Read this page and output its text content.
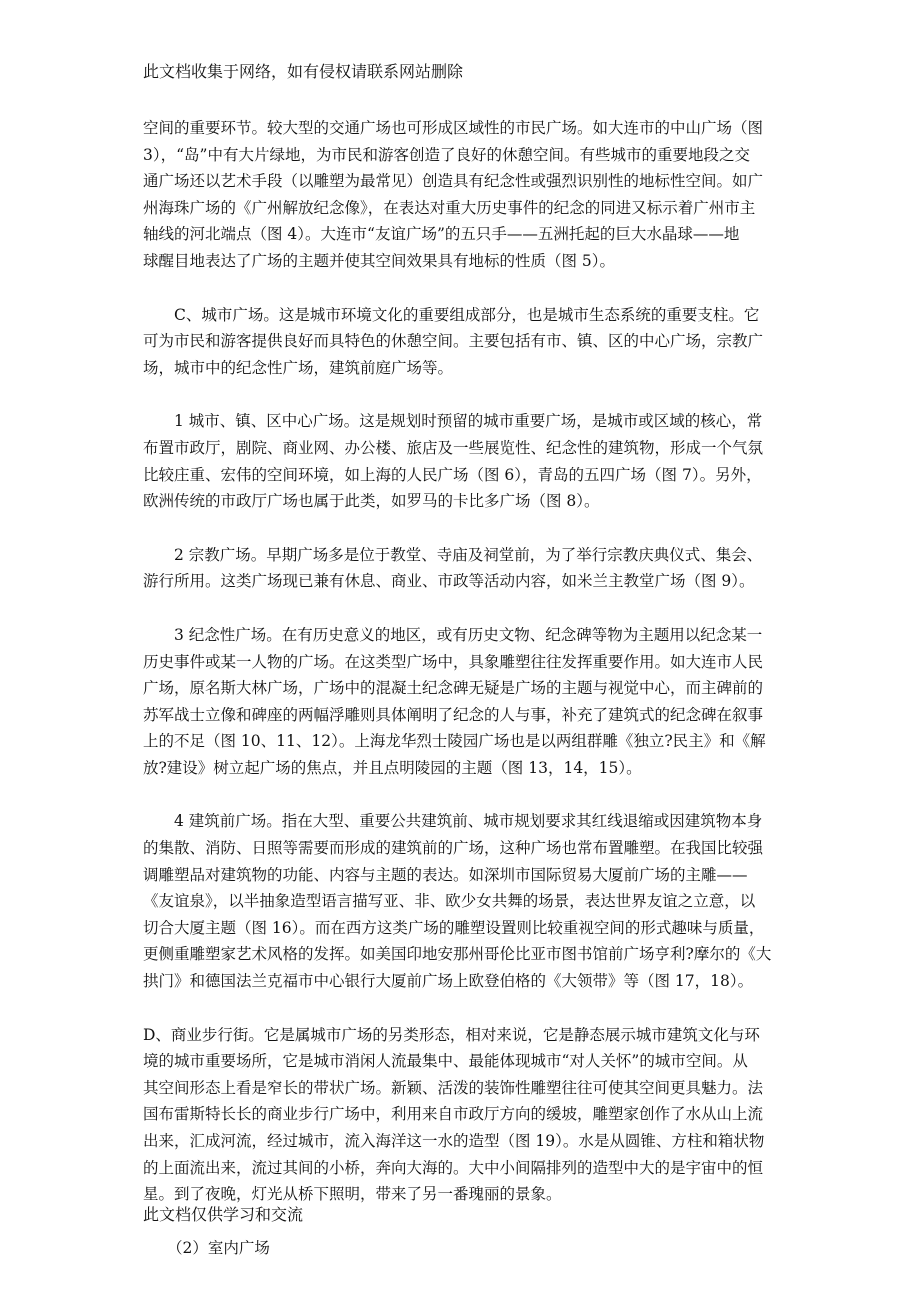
此文档收集于网络，如有侵权请联系网站删除
空间的重要环节。较大型的交通广场也可形成区域性的市民广场。如大连市的中山广场（图
3），“岛”中有大片绿地，为市民和游客创造了良好的休憩空间。有些城市的重要地段之交
通广场还以艺术手段（以雕塑为最常见）创造具有纪念性或强烈识别性的地标性空间。如广
州海珠广场的《广州解放纪念像》，在表达对重大历史事件的纪念的同进又标示着广州市主
轴线的河北端点（图 4）。大连市“友谊广场”的五只手——五洲托起的巨大水晶球——地
球醒目地表达了广场的主题并使其空间效果具有地标的性质（图 5）。
C、城市广场。这是城市环境文化的重要组成部分，也是城市生态系统的重要支柱。它
可为市民和游客提供良好而具特色的休憩空间。主要包括有市、镇、区的中心广场，宗教广
场，城市中的纪念性广场，建筑前庭广场等。
1 城市、镇、区中心广场。这是规划时预留的城市重要广场，是城市或区域的核心，常
布置市政厅，剧院、商业网、办公楼、旅店及一些展览性、纪念性的建筑物，形成一个气氛
比较庄重、宏伟的空间环境，如上海的人民广场（图 6），青岛的五四广场（图 7）。另外，
欧洲传统的市政厅广场也属于此类，如罗马的卡比多广场（图 8）。
2 宗教广场。早期广场多是位于教堂、寺庙及祠堂前，为了举行宗教庆典仪式、集会、
游行所用。这类广场现已兼有休息、商业、市政等活动内容，如米兰主教堂广场（图 9）。
3 纪念性广场。在有历史意义的地区，或有历史文物、纪念碑等物为主题用以纪念某一
历史事件或某一人物的广场。在这类型广场中，具象雕塑往往发挥重要作用。如大连市人民
广场，原名斯大林广场，广场中的混凝土纪念碑无疑是广场的主题与视觉中心，而主碑前的
苏军战士立像和碑座的两幅浮雕则具体阐明了纪念的人与事，补充了建筑式的纪念碑在叙事
上的不足（图 10、11、12）。上海龙华烈士陵园广场也是以两组群雕《独立?民主》和《解
放?建设》树立起广场的焦点，并且点明陵园的主题（图 13，14，15）。
4 建筑前广场。指在大型、重要公共建筑前、城市规划要求其红线退缩或因建筑物本身
的集散、消防、日照等需要而形成的建筑前的广场，这种广场也常布置雕塑。在我国比较强
调雕塑品对建筑物的功能、内容与主题的表达。如深圳市国际贸易大厦前广场的主雕——
《友谊泉》，以半抽象造型语言描写亚、非、欧少女共舞的场景，表达世界友谊之立意，以
切合大厦主题（图 16）。而在西方这类广场的雕塑设置则比较重视空间的形式趣味与质量，
更侧重雕塑家艺术风格的发挥。如美国印地安那州哥伦比亚市图书馆前广场亨利?摩尔的《大
拱门》和德国法兰克福市中心银行大厦前广场上欧登伯格的《大领带》等（图 17，18）。
D、商业步行街。它是属城市广场的另类形态，相对来说，它是静态展示城市建筑文化与环
境的城市重要场所，它是城市消闲人流最集中、最能体现城市“对人关怀”的城市空间。从
其空间形态上看是窄长的带状广场。新颖、活泼的装饰性雕塑往往可使其空间更具魅力。法
国布雷斯特长长的商业步行广场中，利用来自市政厅方向的缓坡，雕塑家创作了水从山上流
出来，汇成河流，经过城市，流入海洋这一水的造型（图 19）。水是从圆锥、方柱和箱状物
的上面流出来，流过其间的小桥，奔向大海的。大中小间隔排列的造型中大的是宇宙中的恒
星。到了夜晚，灯光从桥下照明，带来了另一番瑰丽的景象。
（2）室内广场
此文档仅供学习和交流
